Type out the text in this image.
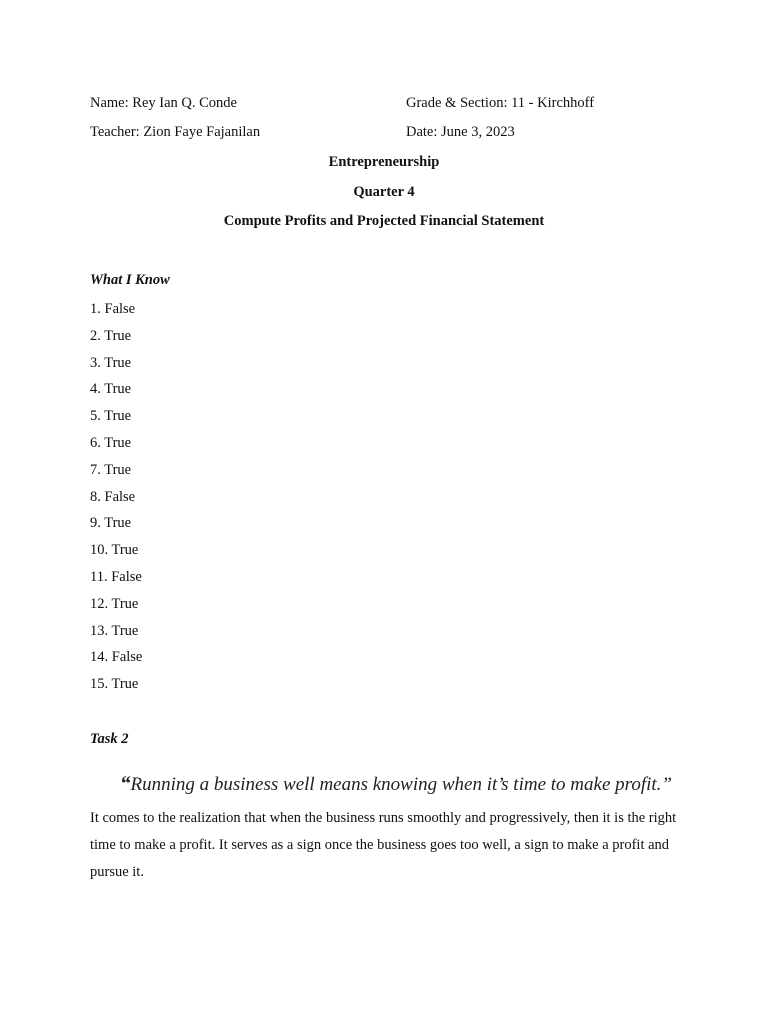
Name: Rey Ian Q. Conde	Grade & Section: 11 - Kirchhoff
Teacher: Zion Faye Fajanilan	Date: June 3, 2023
Entrepreneurship
Quarter 4
Compute Profits and Projected Financial Statement
What I Know
1. False
2. True
3. True
4. True
5. True
6. True
7. True
8. False
9. True
10. True
11. False
12. True
13. True
14. False
15. True
Task 2
“Running a business well means knowing when it’s time to make profit.”

It comes to the realization that when the business runs smoothly and progressively, then it is the right time to make a profit. It serves as a sign once the business goes too well, a sign to make a profit and pursue it.
